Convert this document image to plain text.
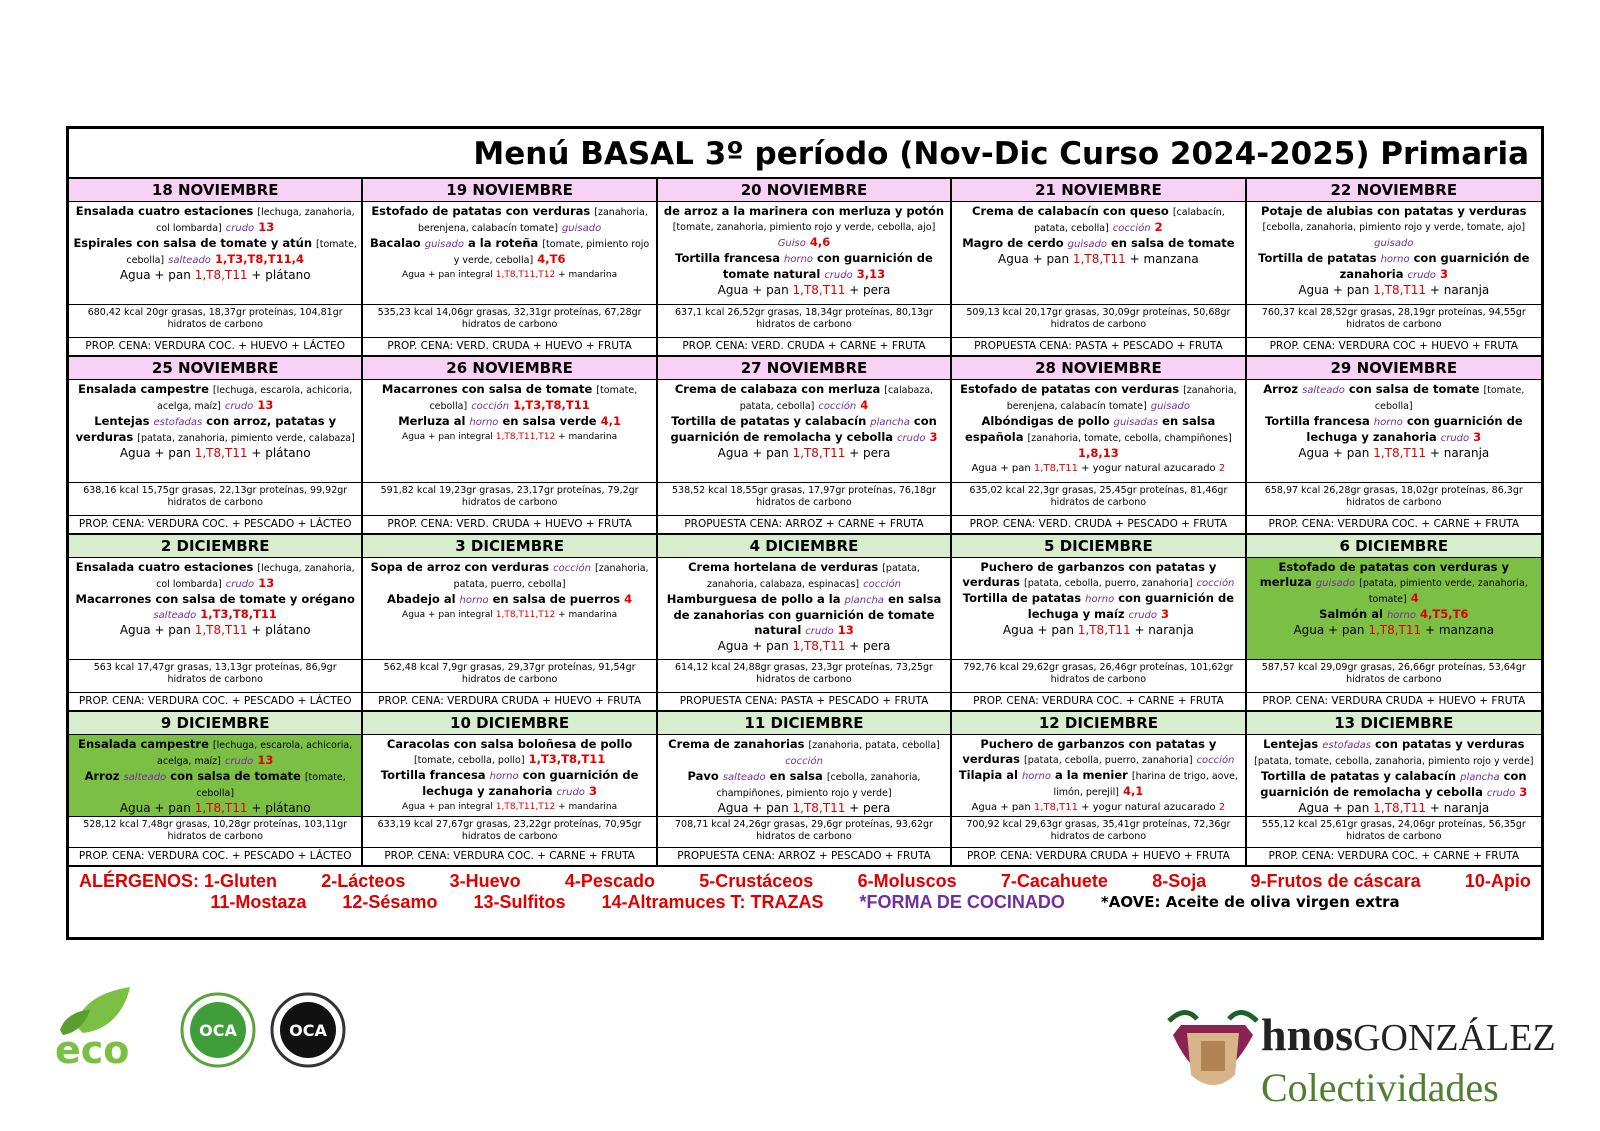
Menú BASAL 3º período (Nov-Dic Curso 2024-2025) Primaria
18 NOVIEMBRE
Ensalada cuatro estaciones [lechuga, zanahoria, col lombarda] crudo 13
Espirales con salsa de tomate y atún [tomate, cebolla] salteado 1,T3,T8,T11,4
Agua + pan 1,T8,T11 + plátano
680,42 kcal 20gr grasas, 18,37gr proteínas, 104,81gr hidratos de carbono
PROP. CENA: VERDURA COC. + HUEVO + LÁCTEO
19 NOVIEMBRE
Estofado de patatas con verduras [zanahoria, berenjena, calabacín tomate] guisado
Bacalao guisado a la roteña [tomate, pimiento rojo y verde, cebolla] 4,T6
Agua + pan integral 1,T8,T11,T12 + mandarina
535,23 kcal 14,06gr grasas, 32,31gr proteínas, 67,28gr hidratos de carbono
PROP. CENA: VERD. CRUDA + HUEVO + FRUTA
20 NOVIEMBRE
de arroz a la marinera con merluza y potón [tomate, zanahoria, pimiento rojo y verde, cebolla, ajo] Guiso 4,6
Tortilla francesa horno con guarnición de tomate natural crudo 3,13
Agua + pan 1,T8,T11 + pera
637,1 kcal 26,52gr grasas, 18,34gr proteínas, 80,13gr hidratos de carbono
PROP. CENA: VERD. CRUDA + CARNE + FRUTA
21 NOVIEMBRE
Crema de calabacín con queso [calabacín, patata, cebolla] cocción 2
Magro de cerdo guisado en salsa de tomate
Agua + pan 1,T8,T11 + manzana
509,13 kcal 20,17gr grasas, 30,09gr proteínas, 50,68gr hidratos de carbono
PROPUESTA CENA: PASTA + PESCADO + FRUTA
22 NOVIEMBRE
Potaje de alubias con patatas y verduras [cebolla, zanahoria, pimiento rojo y verde, tomate, ajo] guisado
Tortilla de patatas horno con guarnición de zanahoria crudo 3
Agua + pan 1,T8,T11 + naranja
760,37 kcal 28,52gr grasas, 28,19gr proteínas, 94,55gr hidratos de carbono
PROP. CENA: VERDURA COC + HUEVO + FRUTA
25 NOVIEMBRE
Ensalada campestre [lechuga, escarola, achicoria, acelga, maíz] crudo 13
Lentejas estofadas con arroz, patatas y verduras [patata, zanahoria, pimiento verde, calabaza]
Agua + pan 1,T8,T11 + plátano
638,16 kcal 15,75gr grasas, 22,13gr proteínas, 99,92gr hidratos de carbono
PROP. CENA: VERDURA COC. + PESCADO + LÁCTEO
26 NOVIEMBRE
Macarrones con salsa de tomate [tomate, cebolla] cocción 1,T3,T8,T11
Merluza al horno en salsa verde 4,1
Agua + pan integral 1,T8,T11,T12 + mandarina
591,82 kcal 19,23gr grasas, 23,17gr proteínas, 79,2gr hidratos de carbono
PROP. CENA: VERD. CRUDA + HUEVO + FRUTA
27 NOVIEMBRE
Crema de calabaza con merluza [calabaza, patata, cebolla] cocción 4
Tortilla de patatas y calabacín plancha con guarnición de remolacha y cebolla crudo 3
Agua + pan 1,T8,T11 + pera
538,52 kcal 18,55gr grasas, 17,97gr proteínas, 76,18gr hidratos de carbono
PROPUESTA CENA: ARROZ + CARNE + FRUTA
28 NOVIEMBRE
Estofado de patatas con verduras [zanahoria, berenjena, calabacín tomate] guisado
Albóndigas de pollo guisadas en salsa española [zanahoria, tomate, cebolla, champiñones] 1,8,13
Agua + pan 1,T8,T11 + yogur natural azucarado 2
635,02 kcal 22,3gr grasas, 25,45gr proteínas, 81,46gr hidratos de carbono
PROP. CENA: VERD. CRUDA + PESCADO + FRUTA
29 NOVIEMBRE
Arroz salteado con salsa de tomate [tomate, cebolla]
Tortilla francesa horno con guarnición de lechuga y zanahoria crudo 3
Agua + pan 1,T8,T11 + naranja
658,97 kcal 26,28gr grasas, 18,02gr proteínas, 86,3gr hidratos de carbono
PROP. CENA: VERDURA COC. + CARNE + FRUTA
2 DICIEMBRE
Ensalada cuatro estaciones [lechuga, zanahoria, col lombarda] crudo 13
Macarrones con salsa de tomate y orégano salteado 1,T3,T8,T11
Agua + pan 1,T8,T11 + plátano
563 kcal 17,47gr grasas, 13,13gr proteínas, 86,9gr hidratos de carbono
PROP. CENA: VERDURA COC. + PESCADO + LÁCTEO
3 DICIEMBRE
Sopa de arroz con verduras cocción [zanahoria, patata, puerro, cebolla]
Abadejo al horno en salsa de puerros 4
Agua + pan integral 1,T8,T11,T12 + mandarina
562,48 kcal 7,9gr grasas, 29,37gr proteínas, 91,54gr hidratos de carbono
PROP. CENA: VERDURA CRUDA + HUEVO + FRUTA
4 DICIEMBRE
Crema hortelana de verduras [patata, zanahoria, calabaza, espinacas] cocción
Hamburguesa de pollo a la plancha en salsa de zanahorias con guarnición de tomate natural crudo 13
Agua + pan 1,T8,T11 + pera
614,12 kcal 24,88gr grasas, 23,3gr proteínas, 73,25gr hidratos de carbono
PROPUESTA CENA: PASTA + PESCADO + FRUTA
5 DICIEMBRE
Puchero de garbanzos con patatas y verduras [patata, cebolla, puerro, zanahoria] cocción
Tortilla de patatas horno con guarnición de lechuga y maíz crudo 3
Agua + pan 1,T8,T11 + naranja
792,76 kcal 29,62gr grasas, 26,46gr proteínas, 101,62gr hidratos de carbono
PROP. CENA: VERDURA COC. + CARNE + FRUTA
6 DICIEMBRE
Estofado de patatas con verduras y merluza guisado [patata, pimiento verde, zanahoria, tomate] 4
Salmón al horno 4,T5,T6
Agua + pan 1,T8,T11 + manzana
587,57 kcal 29,09gr grasas, 26,66gr proteínas, 53,64gr hidratos de carbono
PROP. CENA: VERDURA CRUDA + HUEVO + FRUTA
9 DICIEMBRE
Ensalada campestre [lechuga, escarola, achicoria, acelga, maíz] crudo 13
Arroz salteado con salsa de tomate [tomate, cebolla]
Agua + pan 1,T8,T11 + plátano
528,12 kcal 7,48gr grasas, 10,28gr proteínas, 103,11gr hidratos de carbono
PROP. CENA: VERDURA COC. + PESCADO + LÁCTEO
10 DICIEMBRE
Caracolas con salsa boloñesa de pollo [tomate, cebolla, pollo] 1,T3,T8,T11
Tortilla francesa horno con guarnición de lechuga y zanahoria crudo 3
Agua + pan integral 1,T8,T11,T12 + mandarina
633,19 kcal 27,67gr grasas, 23,22gr proteínas, 70,95gr hidratos de carbono
PROP. CENA: VERDURA COC. + CARNE + FRUTA
11 DICIEMBRE
Crema de zanahorias [zanahoria, patata, cebolla] cocción
Pavo salteado en salsa [cebolla, zanahoria, champiñones, pimiento rojo y verde]
Agua + pan 1,T8,T11 + pera
708,71 kcal 24,26gr grasas, 29,6gr proteínas, 93,62gr hidratos de carbono
PROPUESTA CENA: ARROZ + PESCADO + FRUTA
12 DICIEMBRE
Puchero de garbanzos con patatas y verduras [patata, cebolla, puerro, zanahoria] cocción
Tilapia al horno a la menier [harina de trigo, aove, limón, perejil] 4,1
Agua + pan 1,T8,T11 + yogur natural azucarado 2
700,92 kcal 29,63gr grasas, 35,41gr proteínas, 72,36gr hidratos de carbono
PROP. CENA: VERDURA CRUDA + HUEVO + FRUTA
13 DICIEMBRE
Lentejas estofadas con patatas y verduras [patata, tomate, cebolla, zanahoria, pimiento rojo y verde]
Tortilla de patatas y calabacín plancha con guarnición de remolacha y cebolla crudo 3
Agua + pan 1,T8,T11 + naranja
555,12 kcal 25,61gr grasas, 24,06gr proteínas, 56,35gr hidratos de carbono
PROP. CENA: VERDURA COC. + CARNE + FRUTA
ALÉRGENOS: 1-Gluten 2-Lácteos 3-Huevo 4-Pescado 5-Crustáceos 6-Moluscos 7-Cacahuete 8-Soja 9-Frutos de cáscara 10-Apio
11-Mostaza 12-Sésamo 13-Sulfitos 14-Altramuces T: TRAZAS *FORMA DE COCINADO *AOVE: Aceite de oliva virgen extra
eco	OCA	OCA	hnosGONZÁLEZ
Colectividades
